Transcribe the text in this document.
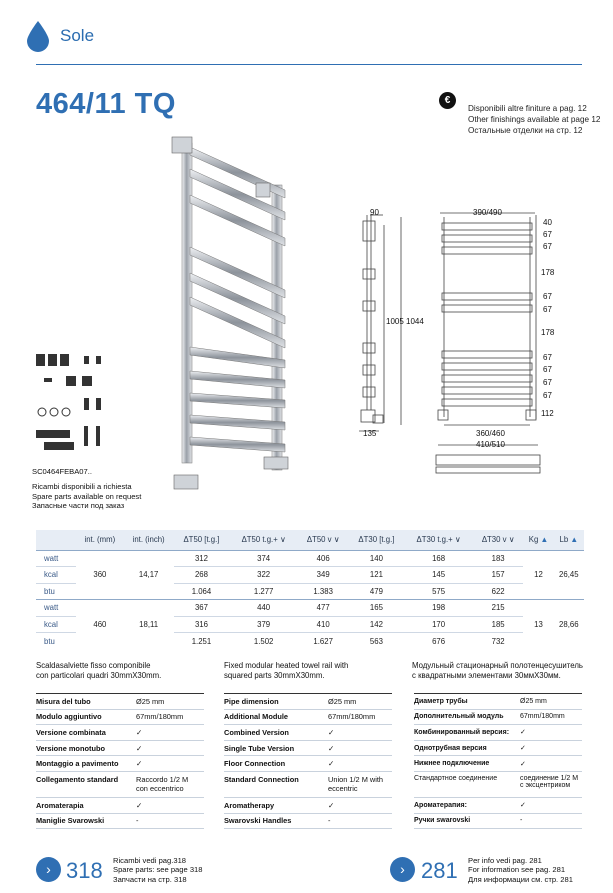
Sole
464/11 TQ	€
Disponibili altre finiture a pag. 12
Other finishings available at page 12
Остальные отделки на стр. 12
90
1005 1044
135
390/490
360/460
410/510
40
67
67
178
67
67
178
67
67
67
67
112
SC0464FEBA07..
Ricambi disponibili a richiesta
Spare parts available on request
Запасные части под заказ
	int. (mm)	int. (inch)	ΔT50 [t.g.]	ΔT50 t.g.+ ∨	ΔT50 v ∨	ΔT30 [t.g.]	ΔT30 t.g.+ ∨	ΔT30 v ∨	Kg ▲	Lb ▲
watt	360	14,17	312	374	406	140	168	183	12	26,45
kcal			268	322	349	121	145	157		
btu			1.064	1.277	1.383	479	575	622		
watt	460	18,11	367	440	477	165	198	215	13	28,66
kcal			316	379	410	142	170	185		
btu			1.251	1.502	1.627	563	676	732		
Scaldasalviette fisso componibile
con particolari quadri 30mmX30mm.
Fixed modular heated towel rail with
squared parts 30mmX30mm.
Модульный стационарный полотенцесушитель
с квадратными элементами 30ммX30мм.
Misura del tubo	Ø25 mm
Modulo aggiuntivo	67mm/180mm
Versione combinata	✓
Versione monotubo	✓
Montaggio a pavimento	✓
Collegamento standard	Raccordo 1/2 M
con eccentrico

Aromaterapia	✓
Maniglie Svarowski	-
Pipe dimension	Ø25 mm
Additional Module	67mm/180mm
Combined Version	✓
Single Tube Version	✓
Floor Connection	✓
Standard Connection	Union 1/2 M with
eccentric

Aromatherapy	✓
Swarovski Handles	-
Диаметр трубы	Ø25 mm
Дополнительный модуль	67mm/180mm
Комбинированный версия:	✓
Однотрубная версия	✓
Нижнее подключение	✓
Стандартное соединение	соединение 1/2 M
с эксцентриком

Ароматерапия:	✓
Ручки swarovski	-
› 318 Ricambi vedi pag.318
Spare parts: see page 318
Запчасти на стр. 318
› 281 Per info vedi pag. 281
For information see pag. 281
Для информации см. стр. 281
